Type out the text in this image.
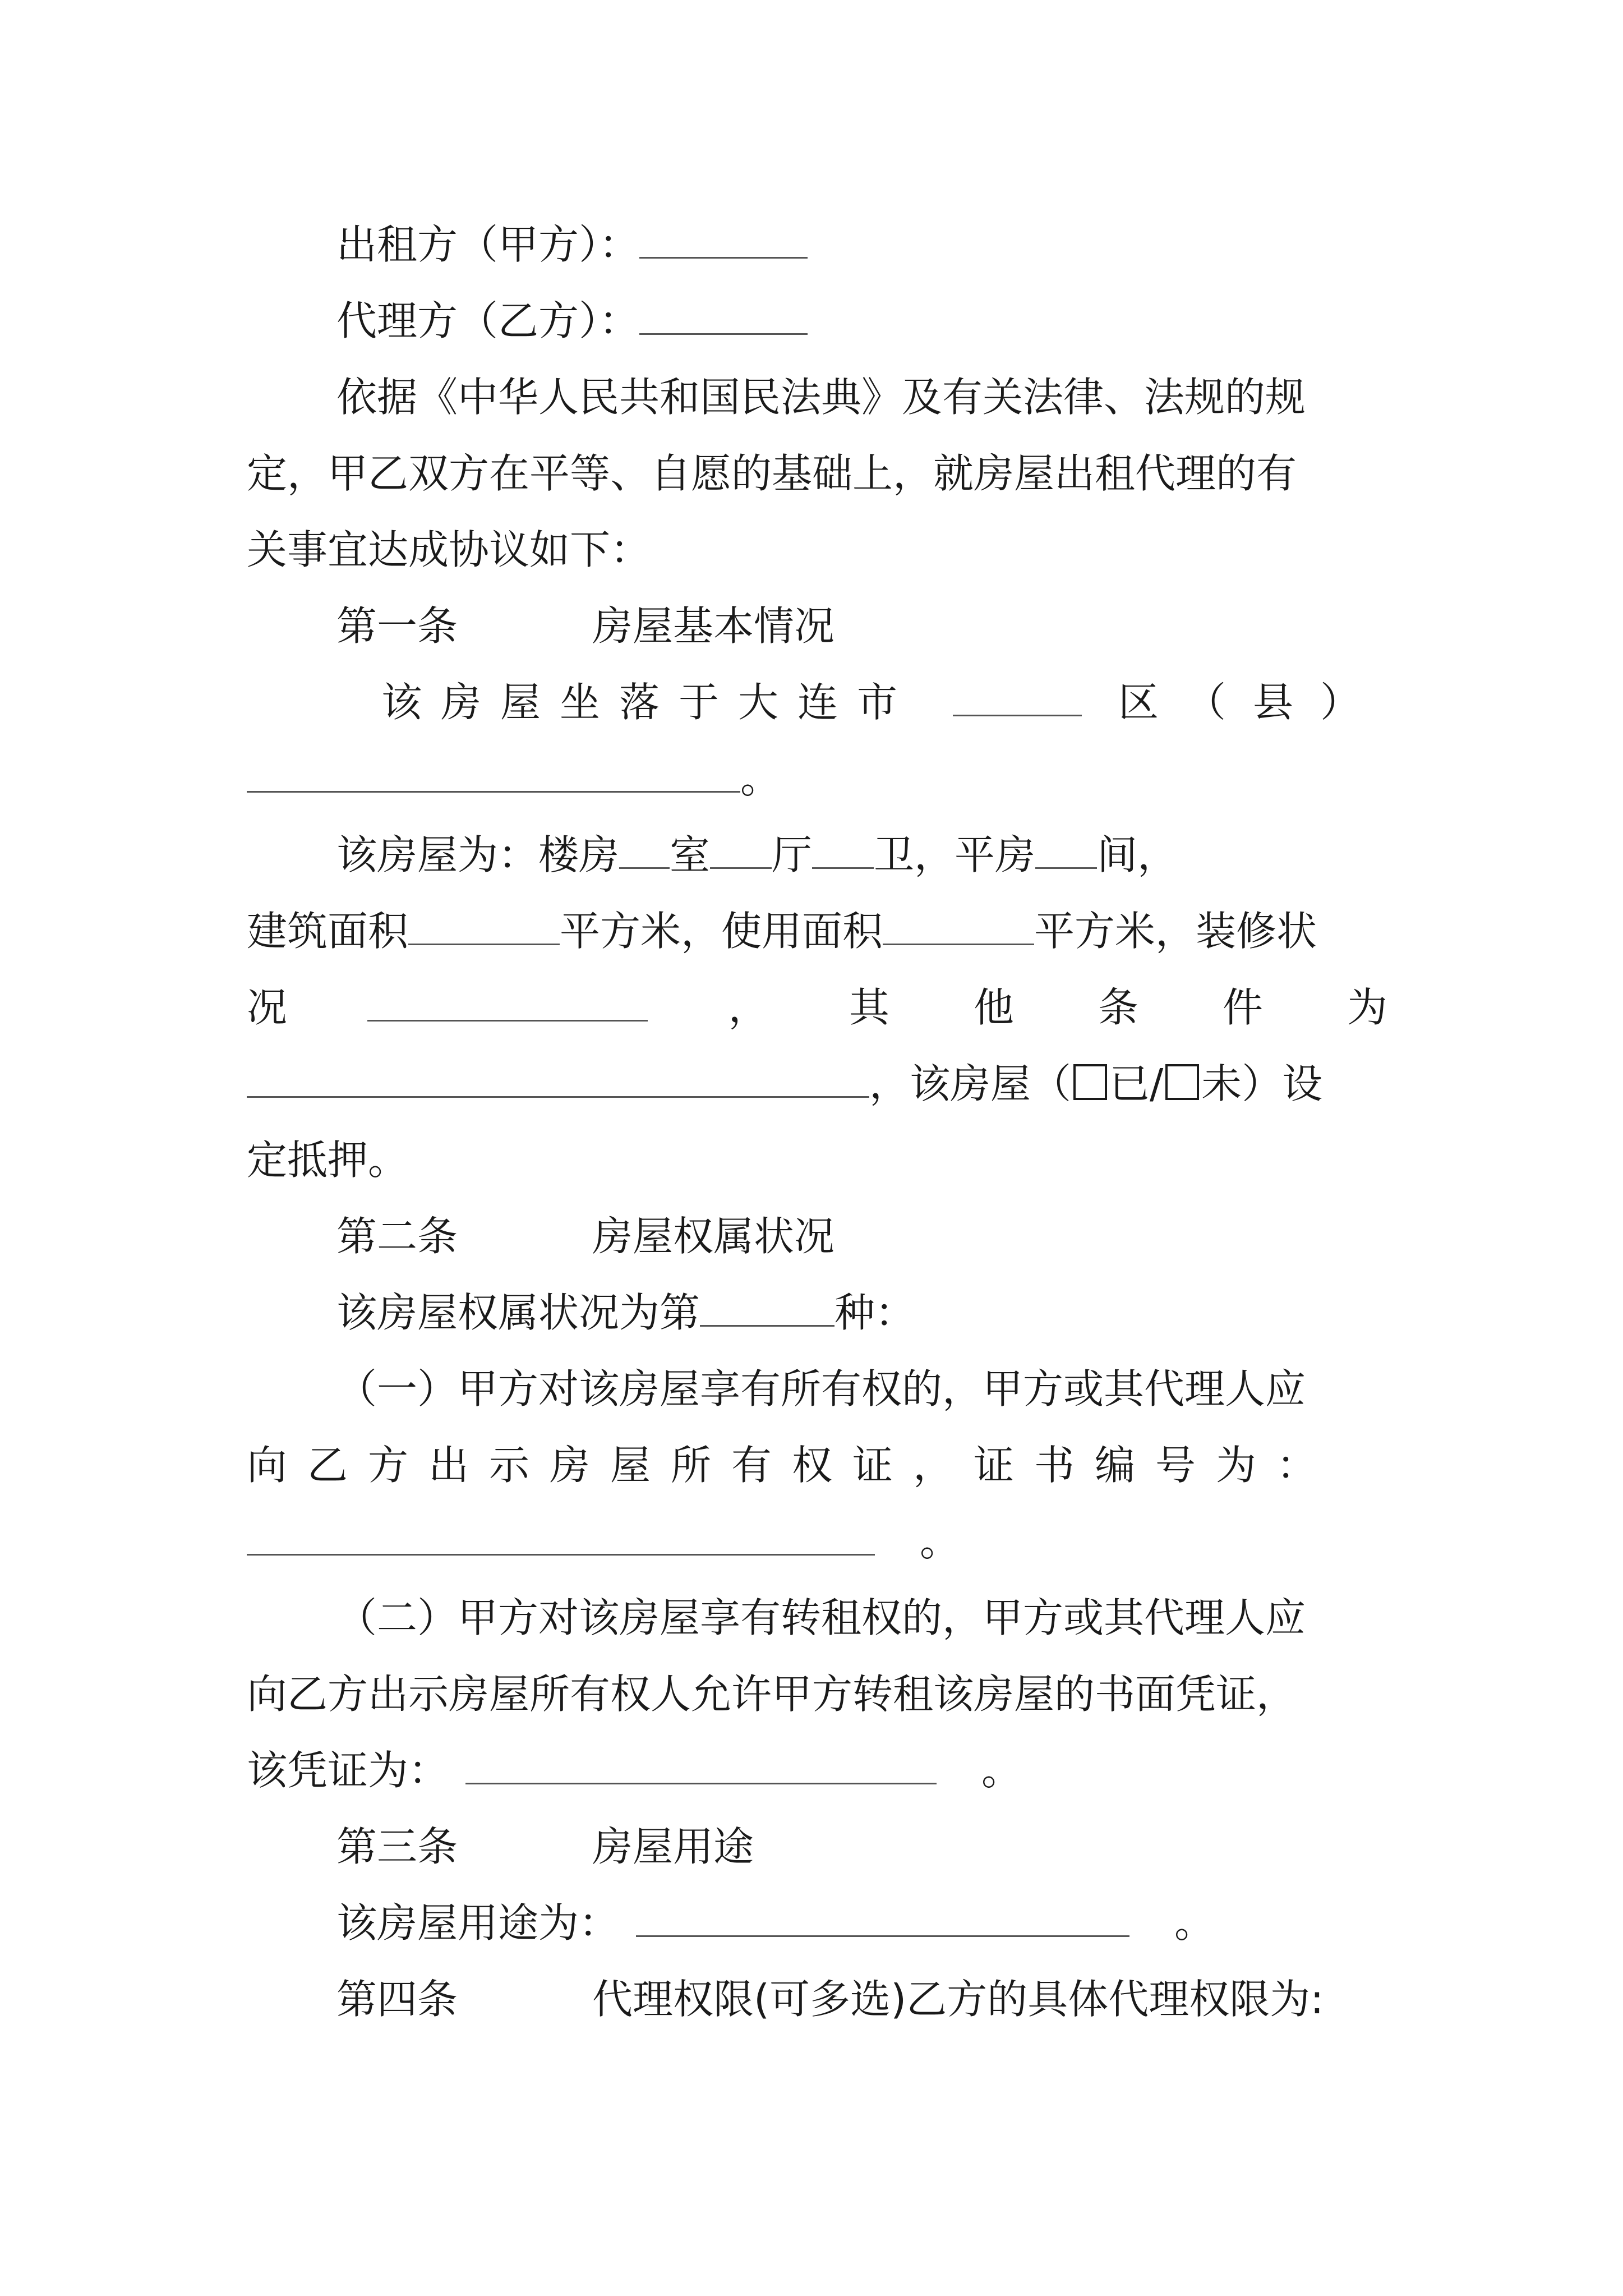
出租方（甲方）：
代理方（乙方）：
依据《中华人民共和国民法典》及有关法律、法规的规
定，甲乙双方在平等、自愿的基础上，就房屋出租代理的有
关事宜达成协议如下：
第一条	房屋基本情况
该房屋坐落于大连市	区（县）
。
该房屋为：楼房 室 厅 卫，平房 间，
建筑面积	平方米，使用面积	平方米，装修状
况	， 其他条件为
，该房屋（ 已/ 未）设
定抵押。
第二条	房屋权属状况
该房屋权属状况为第	种：
（一）甲方对该房屋享有所有权的，甲方或其代理人应
向乙方出示房屋所有权证，证书编号为：
。
（二）甲方对该房屋享有转租权的，甲方或其代理人应
向乙方出示房屋所有权人允许甲方转租该房屋的书面凭证，
该凭证为：	。
第三条	房屋用途
该房屋用途为：	。
第四条	代理权限(可多选)乙方的具体代理权限为:
